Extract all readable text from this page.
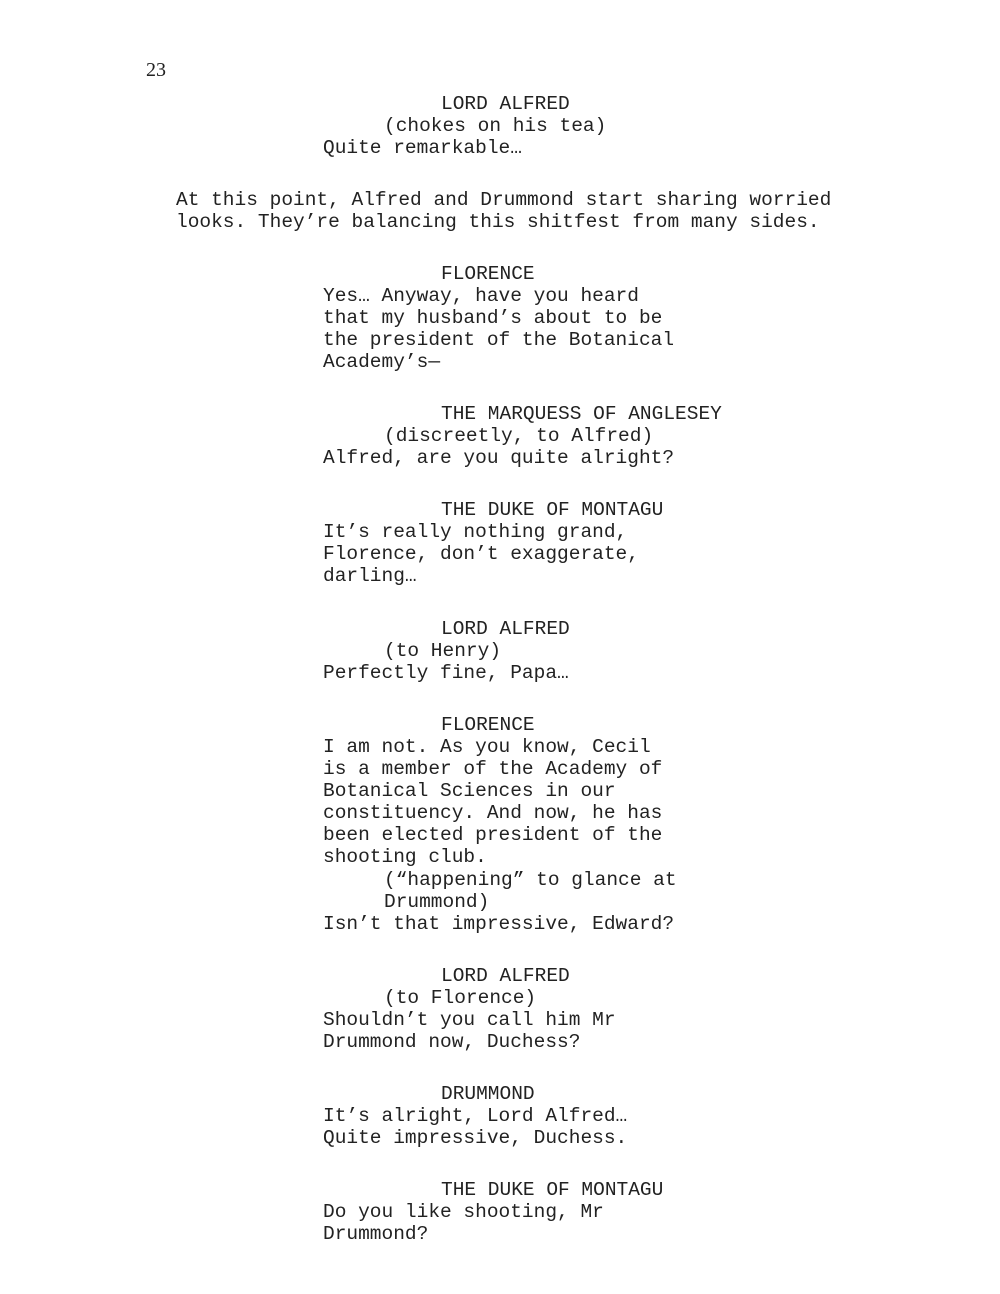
23
LORD ALFRED
(chokes on his tea)
Quite remarkable…
At this point, Alfred and Drummond start sharing worried
looks. They’re balancing this shitfest from many sides.
FLORENCE
Yes… Anyway, have you heard
that my husband’s about to be
the president of the Botanical
Academy’s—
THE MARQUESS OF ANGLESEY
(discreetly, to Alfred)
Alfred, are you quite alright?
THE DUKE OF MONTAGU
It’s really nothing grand,
Florence, don’t exaggerate,
darling…
LORD ALFRED
(to Henry)
Perfectly fine, Papa…
FLORENCE
I am not. As you know, Cecil
is a member of the Academy of
Botanical Sciences in our
constituency. And now, he has
been elected president of the
shooting club.
(“happening” to glance at
Drummond)
Isn’t that impressive, Edward?
LORD ALFRED
(to Florence)
Shouldn’t you call him Mr
Drummond now, Duchess?
DRUMMOND
It’s alright, Lord Alfred…
Quite impressive, Duchess.
THE DUKE OF MONTAGU
Do you like shooting, Mr
Drummond?
